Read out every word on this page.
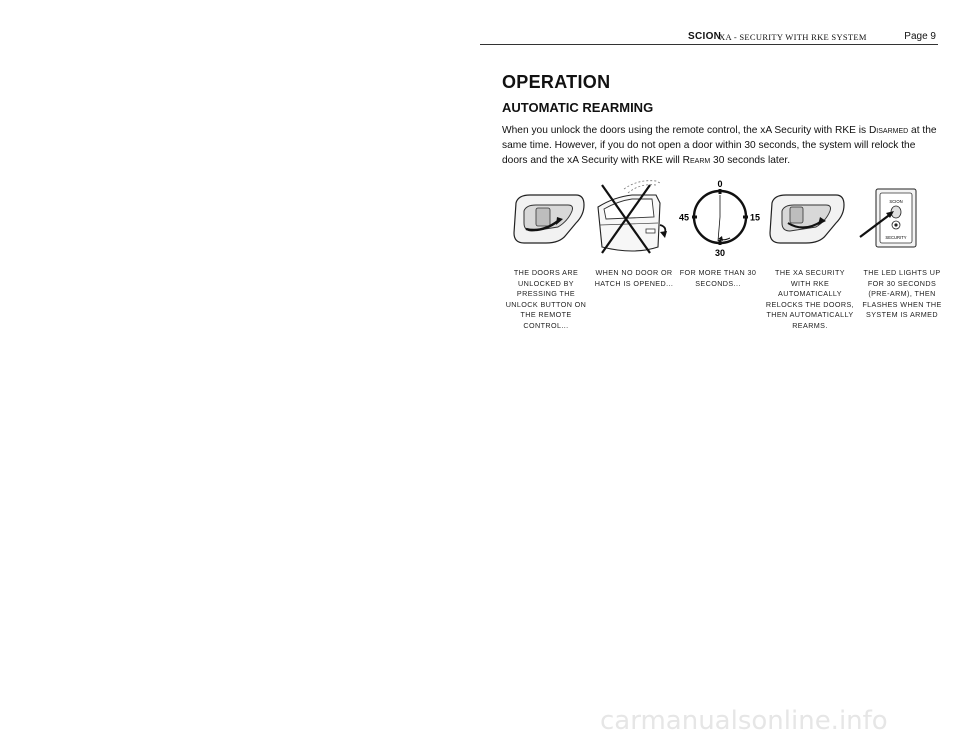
SCION
XA - SECURITY WITH RKE SYSTEM	Page 9
OPERATION
AUTOMATIC REARMING
When you unlock the doors using the remote control, the xA Security with RKE is Disarmed at the same time. However, if you do not open a door within 30 seconds, the system will relock the doors and the xA Security with RKE will Rearm 30 seconds later.
0
15
30
45
SCION
SECURITY
THE DOORS ARE UNLOCKED BY PRESSING THE UNLOCK BUTTON ON THE REMOTE CONTROL...
WHEN NO DOOR OR HATCH IS OPENED...
FOR MORE THAN 30 SECONDS...
THE XA SECURITY WITH RKE AUTOMATICALLY RELOCKS THE DOORS, THEN AUTOMATICALLY REARMS.
THE LED LIGHTS UP FOR 30 SECONDS (PRE-ARM), THEN FLASHES WHEN THE SYSTEM IS ARMED
carmanualsonline.info
